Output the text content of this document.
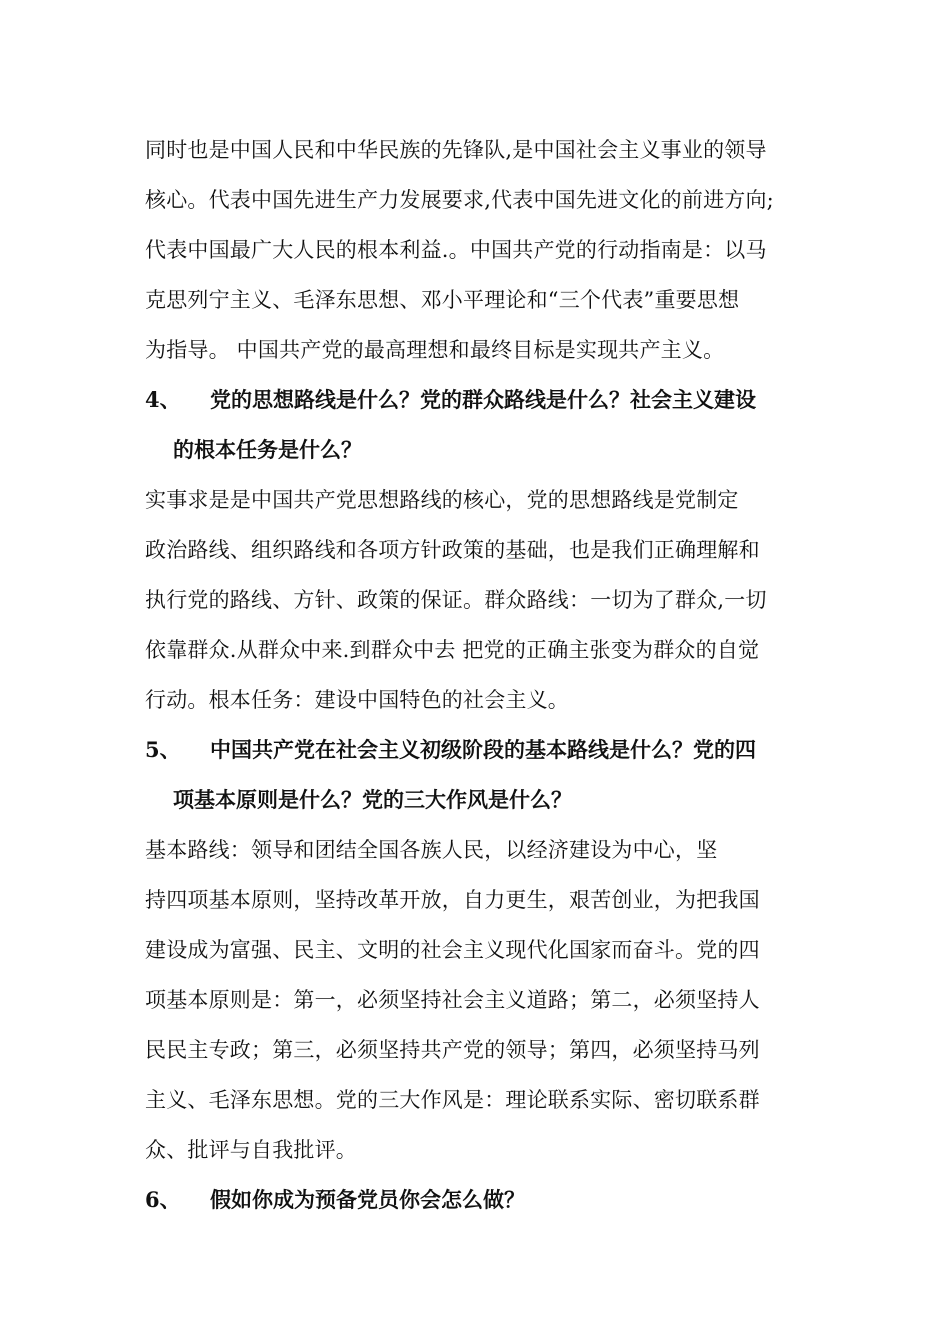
同时也是中国人民和中华民族的先锋队,是中国社会主义事业的领导
核心。代表中国先进生产力发展要求,代表中国先进文化的前进方向;
代表中国最广大人民的根本利益.。中国共产党的行动指南是：以马
克思列宁主义、毛泽东思想、邓小平理论和“三个代表”重要思想
为指导。 中国共产党的最高理想和最终目标是实现共产主义。
4、 党的思想路线是什么？党的群众路线是什么？社会主义建设
的根本任务是什么？
实事求是是中国共产党思想路线的核心，党的思想路线是党制定
政治路线、组织路线和各项方针政策的基础，也是我们正确理解和
执行党的路线、方针、政策的保证。群众路线：一切为了群众,一切
依靠群众.从群众中来.到群众中去 把党的正确主张变为群众的自觉
行动。根本任务：建设中国特色的社会主义。
5、 中国共产党在社会主义初级阶段的基本路线是什么？党的四
项基本原则是什么？党的三大作风是什么？
基本路线：领导和团结全国各族人民，以经济建设为中心，坚
持四项基本原则，坚持改革开放，自力更生，艰苦创业，为把我国
建设成为富强、民主、文明的社会主义现代化国家而奋斗。党的四
项基本原则是：第一，必须坚持社会主义道路；第二，必须坚持人
民民主专政；第三，必须坚持共产党的领导；第四，必须坚持马列
主义、毛泽东思想。党的三大作风是：理论联系实际、密切联系群
众、批评与自我批评。
6、 假如你成为预备党员你会怎么做？
